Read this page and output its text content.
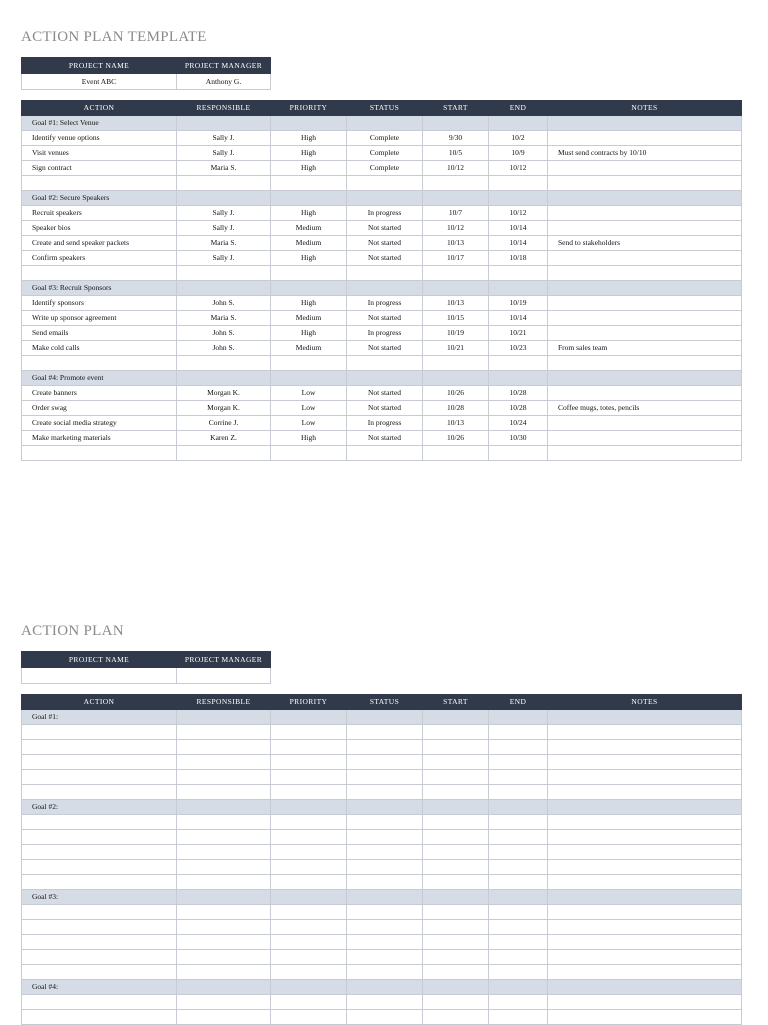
ACTION PLAN TEMPLATE
PROJECT NAME	PROJECT MANAGER
Event ABC	Anthony G.
ACTION	RESPONSIBLE	PRIORITY	STATUS	START	END	NOTES
Goal #1: Select Venue						
Identify venue options	Sally J.	High	Complete	9/30	10/2	
Visit venues	Sally J.	High	Complete	10/5	10/9	Must send contracts by 10/10
Sign contract	Maria S.	High	Complete	10/12	10/12	

Goal #2: Secure Speakers						
Recruit speakers	Sally J.	High	In progress	10/7	10/12	
Speaker bios	Sally J.	Medium	Not started	10/12	10/14	
Create and send speaker packets	Maria S.	Medium	Not started	10/13	10/14	Send to stakeholders
Confirm speakers	Sally J.	High	Not started	10/17	10/18	

Goal #3: Recruit Sponsors						
Identify sponsors	John S.	High	In progress	10/13	10/19	
Write up sponsor agreement	Maria S.	Medium	Not started	10/15	10/14	
Send emails	John S.	High	In progress	10/19	10/21	
Make cold calls	John S.	Medium	Not started	10/21	10/23	From sales team

Goal #4: Promote event						
Create banners	Morgan K.	Low	Not started	10/26	10/28	
Order swag	Morgan K.	Low	Not started	10/28	10/28	Coffee mugs, totes, pencils
Create social media strategy	Corrine J.	Low	In progress	10/13	10/24	
Make marketing materials	Karen Z.	High	Not started	10/26	10/30	

ACTION PLAN
PROJECT NAME	PROJECT MANAGER

ACTION	RESPONSIBLE	PRIORITY	STATUS	START	END	NOTES
Goal #1:						

Goal #2:						

Goal #3:						

Goal #4:						
